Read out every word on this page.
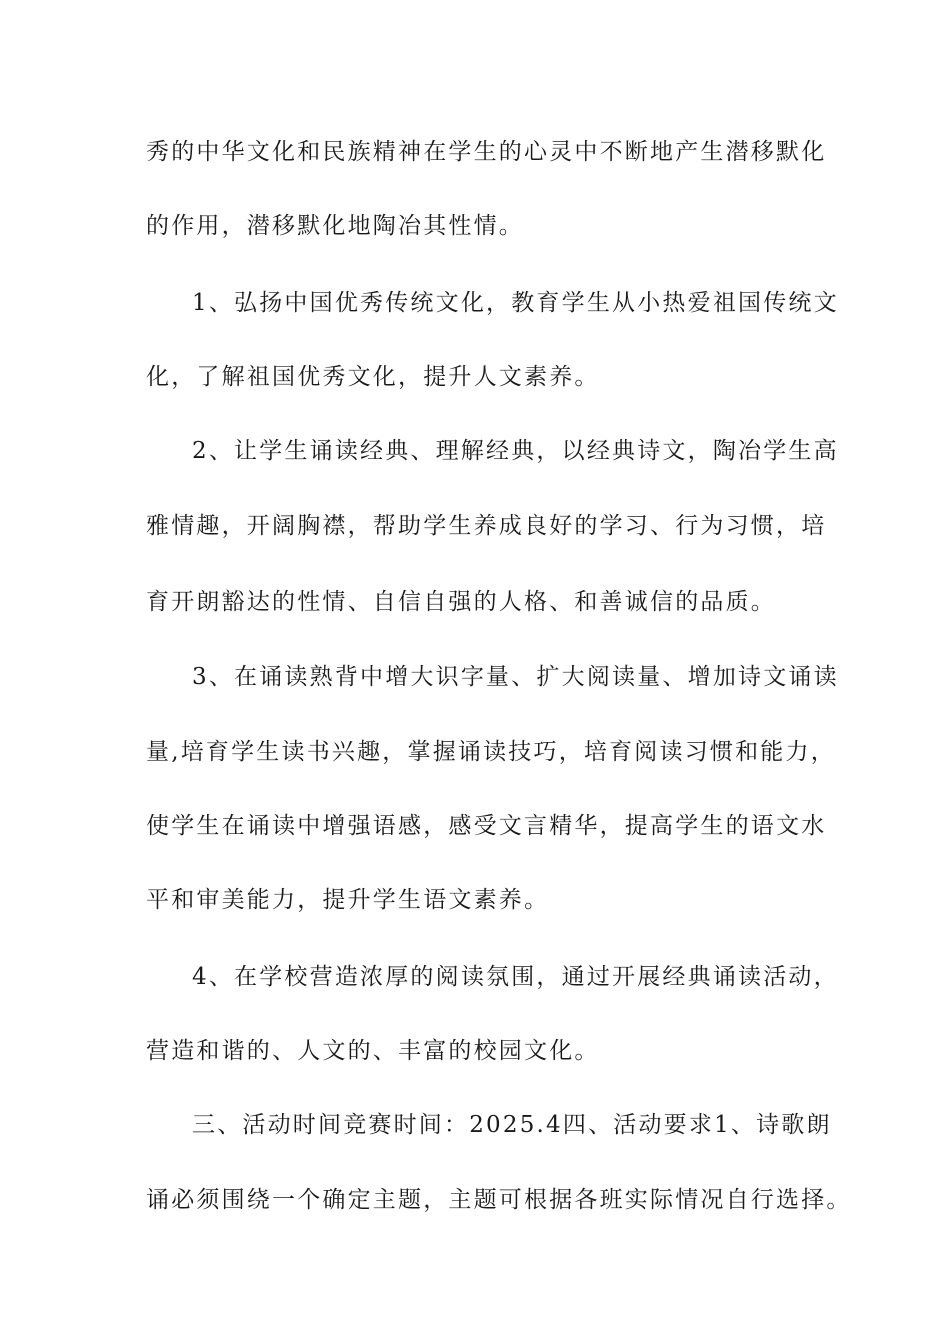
秀的中华文化和民族精神在学生的心灵中不断地产生潜移默化
的作用，潜移默化地陶冶其性情。
1、弘扬中国优秀传统文化，教育学生从小热爱祖国传统文
化，了解祖国优秀文化，提升人文素养。
2、让学生诵读经典、理解经典，以经典诗文，陶冶学生高
雅情趣，开阔胸襟，帮助学生养成良好的学习、行为习惯，培
育开朗豁达的性情、自信自强的人格、和善诚信的品质。
3、在诵读熟背中增大识字量、扩大阅读量、增加诗文诵读
量,培育学生读书兴趣，掌握诵读技巧，培育阅读习惯和能力，
使学生在诵读中增强语感，感受文言精华，提高学生的语文水
平和审美能力，提升学生语文素养。
4、在学校营造浓厚的阅读氛围，通过开展经典诵读活动，
营造和谐的、人文的、丰富的校园文化。
三、活动时间竞赛时间：2025.4四、活动要求1、诗歌朗
诵必须围绕一个确定主题，主题可根据各班实际情况自行选择。
